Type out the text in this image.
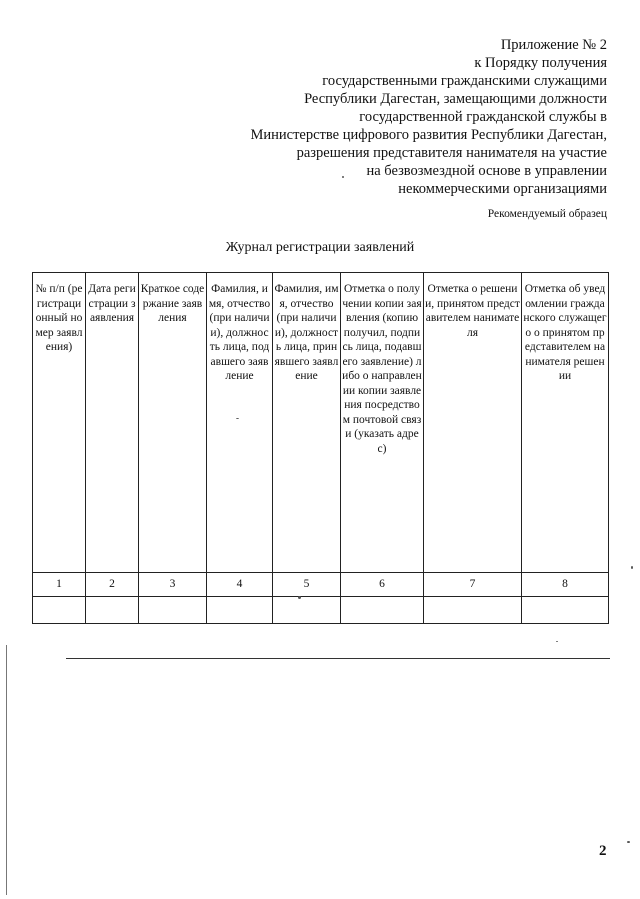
Приложение № 2
к Порядку получения
государственными гражданскими служащими
Республики Дагестан, замещающими должности
государственной гражданской службы в
Министерстве цифрового развития Республики Дагестан,
разрешения представителя нанимателя на участие
на безвозмездной основе в управлении
некоммерческими организациями
Рекомендуемый образец
Журнал регистрации заявлений
№ п/п (регистрационный номер заявления)	Дата регистрации заявления	Краткое содержание заявления	Фамилия, имя, отчество (при наличии), должность лица, подавшего заявление	Фамилия, имя, отчество (при наличии), должность лица, принявшего заявление	Отметка о получении копии заявления (копию получил, подпись лица, подавшего заявление) либо о направлении копии заявления посредством почтовой связи (указать адрес)	Отметка о решении, принятом представителем нанимателя	Отметка об уведомлении гражданского служащего о принятом представителем нанимателя решении
1	2	3	4	5	6	7	8

2
